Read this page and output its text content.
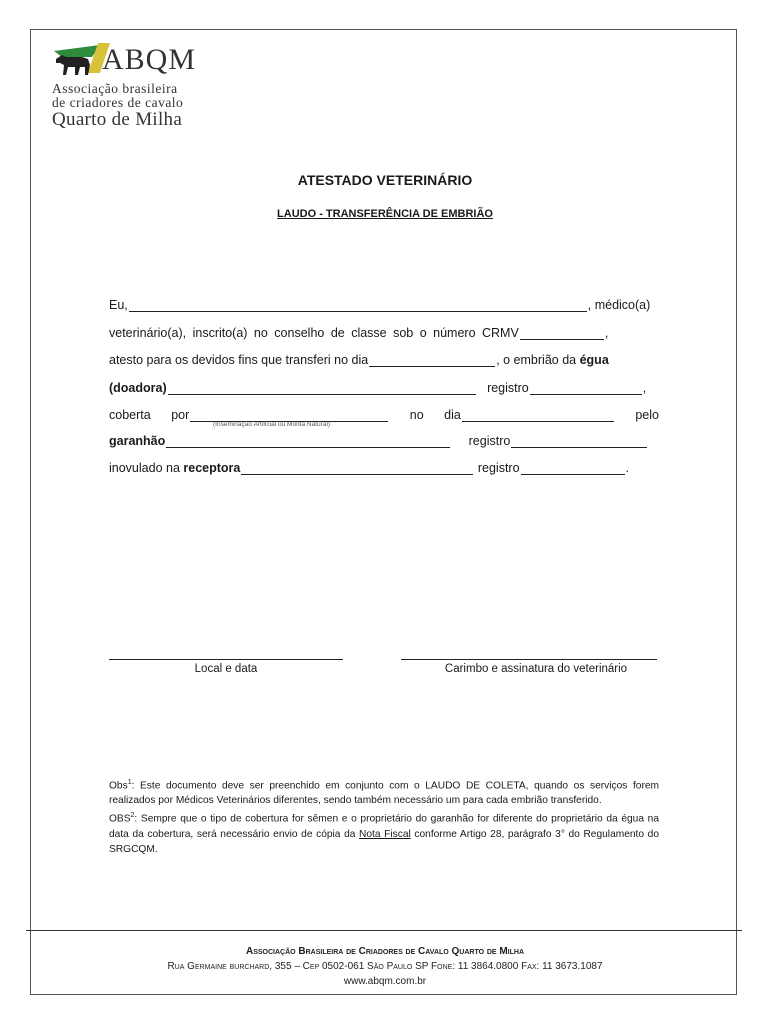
ABQM
Associação brasileira
de criadores de cavalo
Quarto de Milha
ATESTADO VETERINÁRIO
LAUDO - TRANSFERÊNCIA DE EMBRIÃO
Eu,	, médico(a)
veterinário(a), inscrito(a) no conselho de classe sob o número CRMV	,
atesto para os devidos fins que transferi no dia	, o embrião da
égua
(doadora)
	registro	,
coberta por	no dia	pelo
(Inseminação Artificial ou Monta Natural)
garanhão
	registro
inovulado na
receptora
	registro	.
Local e data	Carimbo e assinatura do veterinário

Obs$^1$: Este documento deve ser preenchido em conjunto com o LAUDO DE COLETA, quando os serviços forem realizados por Médicos Veterinários diferentes, sendo também necessário um para cada embrião transferido.

OBS$^2$: Sempre que o tipo de cobertura for sêmen e o proprietário do garanhão for diferente do proprietário da égua na data da cobertura, será necessário envio de cópia da Nota Fiscal conforme Artigo 28, parágrafo 3° do Regulamento do SRGCQM.

Associação Brasileira de Criadores de Cavalo Quarto de Milha
Rua Germaine burchard, 355 – Cep 0502-061 São Paulo SP Fone: 11 3864.0800 Fax: 11 3673.1087
www.abqm.com.br
